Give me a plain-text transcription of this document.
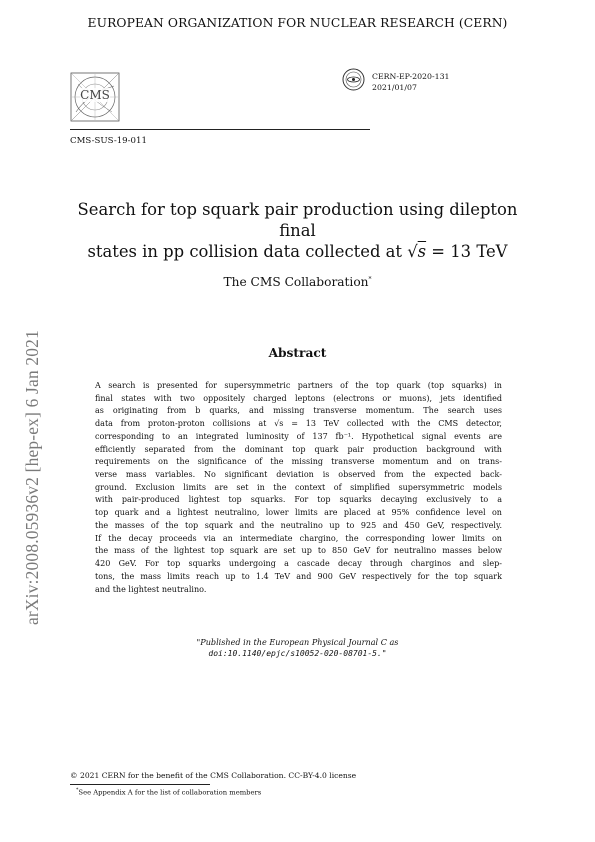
EUROPEAN ORGANIZATION FOR NUCLEAR RESEARCH (CERN)
CMS
CMS-SUS-19-011
CERN-EP-2020-131
2021/01/07
Search for top squark pair production using dilepton final
states in pp collision data collected at √s = 13 TeV
The CMS Collaboration*
Abstract
A search is presented for supersymmetric partners of the top quark (top squarks) in
final states with two oppositely charged leptons (electrons or muons), jets identified
as originating from b quarks, and missing transverse momentum. The search uses
data from proton-proton collisions at √s = 13 TeV collected with the CMS detector,
corresponding to an integrated luminosity of 137 fb⁻¹. Hypothetical signal events are
efficiently separated from the dominant top quark pair production background with
requirements on the significance of the missing transverse momentum and on trans-
verse mass variables. No significant deviation is observed from the expected back-
ground. Exclusion limits are set in the context of simplified supersymmetric models
with pair-produced lightest top squarks. For top squarks decaying exclusively to a
top quark and a lightest neutralino, lower limits are placed at 95% confidence level on
the masses of the top squark and the neutralino up to 925 and 450 GeV, respectively.
If the decay proceeds via an intermediate chargino, the corresponding lower limits on
the mass of the lightest top squark are set up to 850 GeV for neutralino masses below
420 GeV. For top squarks undergoing a cascade decay through charginos and slep-
tons, the mass limits reach up to 1.4 TeV and 900 GeV respectively for the top squark
and the lightest neutralino.
"Published in the European Physical Journal C as
doi:10.1140/epjc/s10052-020-08701-5."
© 2021 CERN for the benefit of the CMS Collaboration. CC-BY-4.0 license
*See Appendix A for the list of collaboration members
arXiv:2008.05936v2 [hep-ex] 6 Jan 2021
